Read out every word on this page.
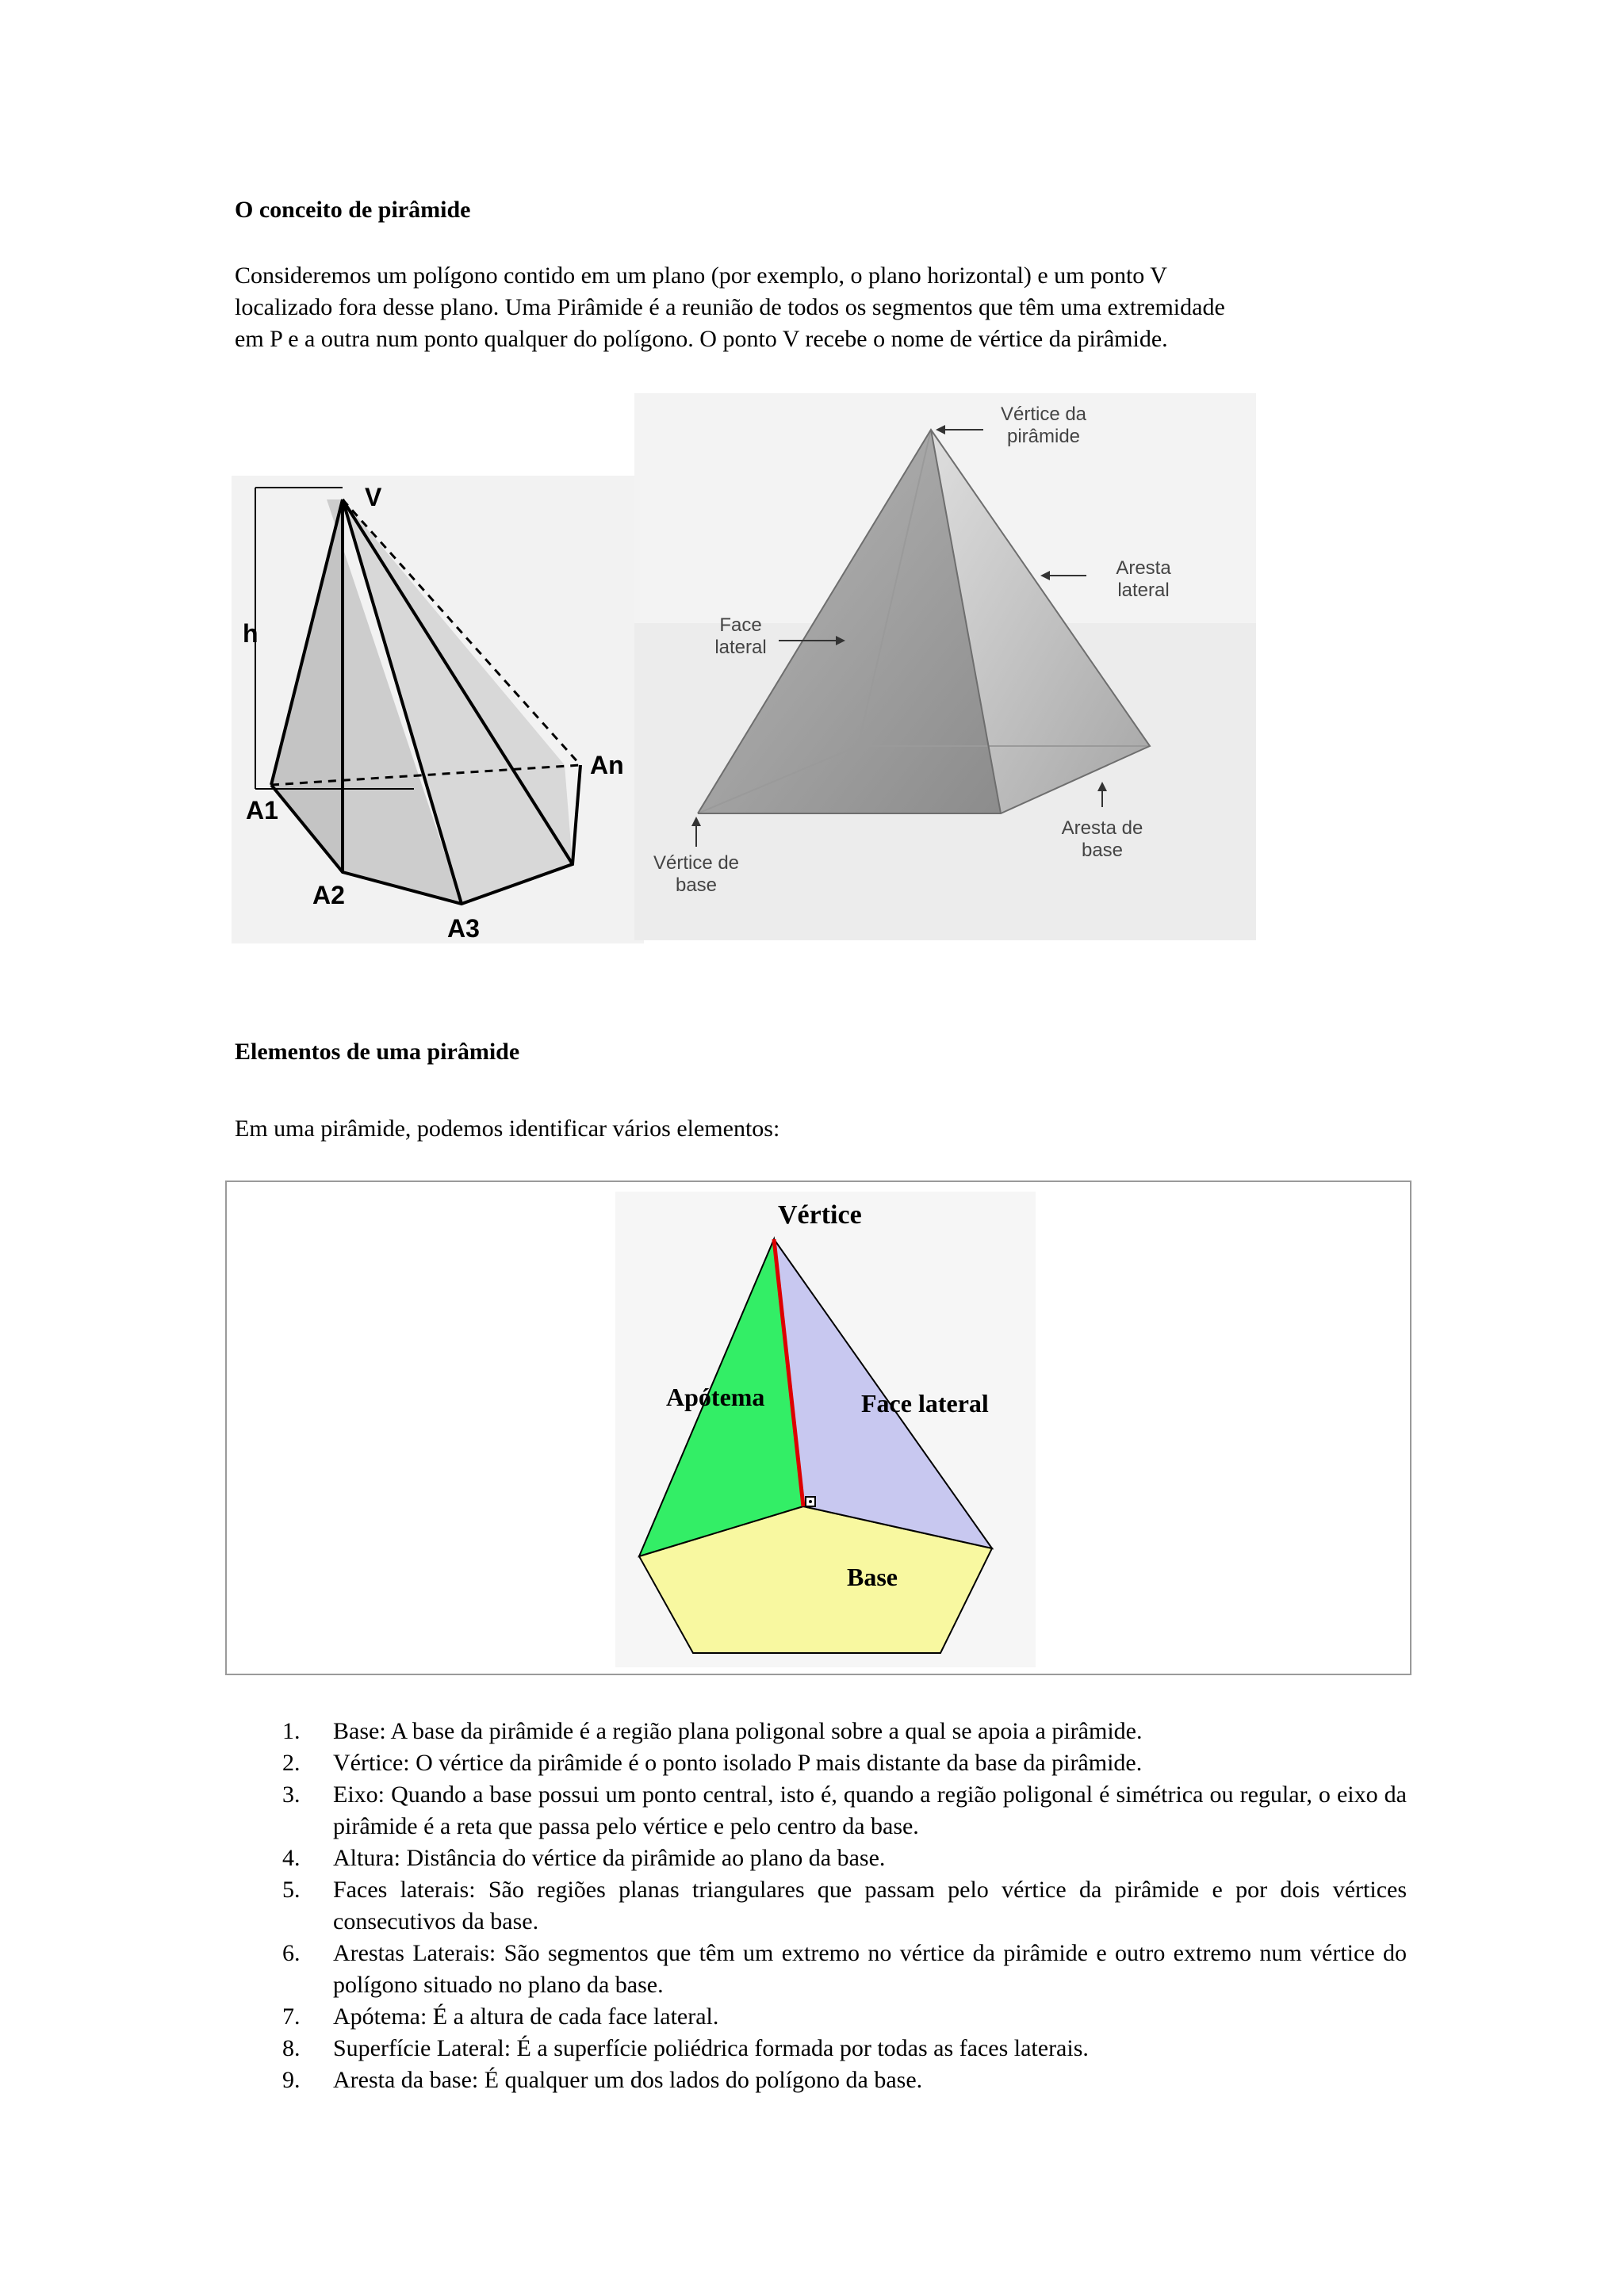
O conceito de pirâmide
Consideremos um polígono contido em um plano (por exemplo, o plano horizontal) e um ponto V
localizado fora desse plano. Uma Pirâmide é a reunião de todos os segmentos que têm uma extremidade
em P e a outra num ponto qualquer do polígono. O ponto V recebe o nome de vértice da pirâmide.
V
h
A1
A2
A3
An
Vértice da
pirâmide
Aresta
lateral
Face
lateral
Vértice de
base
Aresta de
base
Elementos de uma pirâmide
Em uma pirâmide, podemos identificar vários elementos:
Vértice
Apótema	Face lateral
Base
1. Base: A base da pirâmide é a região plana poligonal sobre a qual se apoia a pirâmide.
2. Vértice: O vértice da pirâmide é o ponto isolado P mais distante da base da pirâmide.
3. Eixo: Quando a base possui um ponto central, isto é, quando a região poligonal é simétrica ou regular, o eixo da pirâmide é a reta que passa pelo vértice e pelo centro da base.
4. Altura: Distância do vértice da pirâmide ao plano da base.
5. Faces laterais: São regiões planas triangulares que passam pelo vértice da pirâmide e por dois vértices consecutivos da base.
6. Arestas Laterais: São segmentos que têm um extremo no vértice da pirâmide e outro extremo num vértice do polígono situado no plano da base.
7. Apótema: É a altura de cada face lateral.
8. Superfície Lateral: É a superfície poliédrica formada por todas as faces laterais.
9. Aresta da base: É qualquer um dos lados do polígono da base.
